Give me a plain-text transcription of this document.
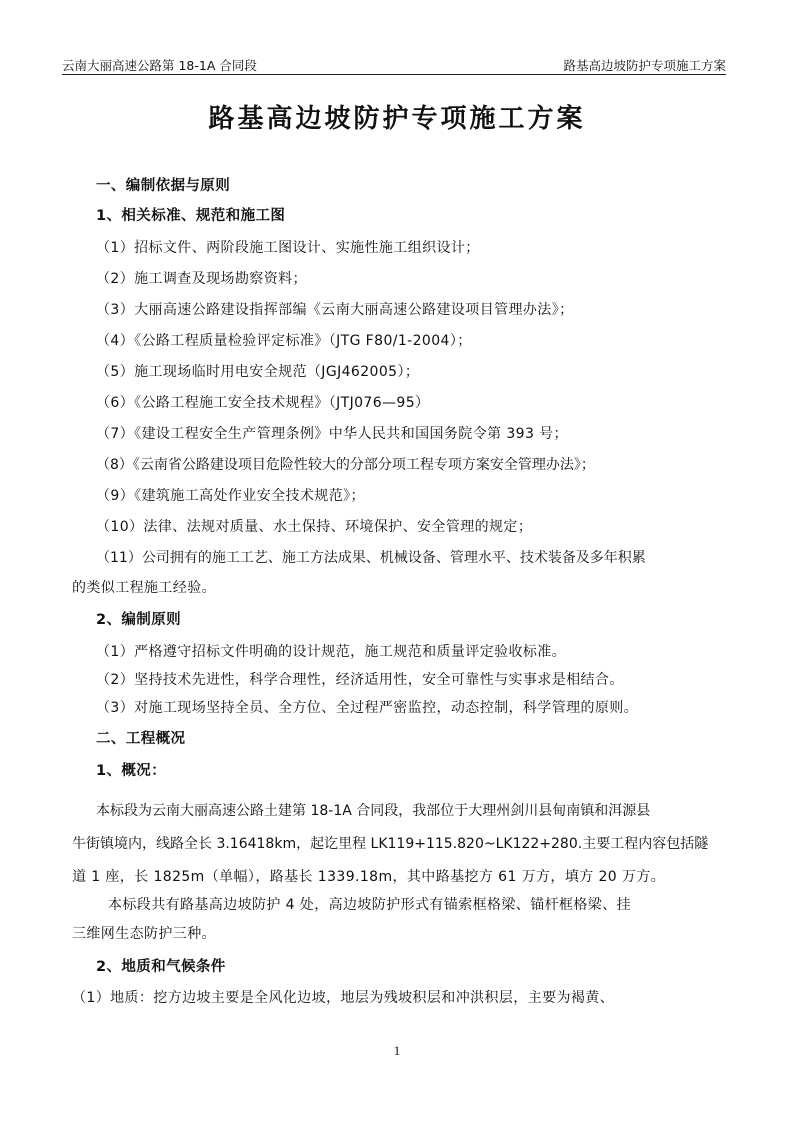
云南大丽高速公路第 18-1A 合同段	路基高边坡防护专项施工方案
路基高边坡防护专项施工方案
一、编制依据与原则
1、相关标准、规范和施工图
（1）招标文件、两阶段施工图设计、实施性施工组织设计；
（2）施工调查及现场勘察资料；
（3）大丽高速公路建设指挥部编《云南大丽高速公路建设项目管理办法》；
（4）《公路工程质量检验评定标准》（JTG F80/1-2004）；
（5）施工现场临时用电安全规范（JGJ462005）；
（6）《公路工程施工安全技术规程》（JTJ076—95）
（7）《建设工程安全生产管理条例》中华人民共和国国务院令第 393 号；
（8）《云南省公路建设项目危险性较大的分部分项工程专项方案安全管理办法》；
（9）《建筑施工高处作业安全技术规范》；
（10）法律、法规对质量、水土保持、环境保护、安全管理的规定；
（11）公司拥有的施工工艺、施工方法成果、机械设备、管理水平、技术装备及多年积累
的类似工程施工经验。
2、编制原则
（1）严格遵守招标文件明确的设计规范，施工规范和质量评定验收标准。
（2）坚持技术先进性，科学合理性，经济适用性，安全可靠性与实事求是相结合。
（3）对施工现场坚持全员、全方位、全过程严密监控，动态控制，科学管理的原则。
二、工程概况
1、概况：
本标段为云南大丽高速公路土建第 18-1A 合同段，我部位于大理州剑川县甸南镇和洱源县
牛街镇境内，线路全长 3.16418km，起讫里程 LK119+115.820~LK122+280.主要工程内容包括隧
道 1 座，长 1825m（单幅），路基长 1339.18m，其中路基挖方 61 万方，填方 20 万方。
本标段共有路基高边坡防护 4 处，高边坡防护形式有锚索框格梁、锚杆框格梁、挂
三维网生态防护三种。
2、地质和气候条件
（1）地质：挖方边坡主要是全风化边坡，地层为残坡积层和冲洪积层，主要为褐黄、
1
